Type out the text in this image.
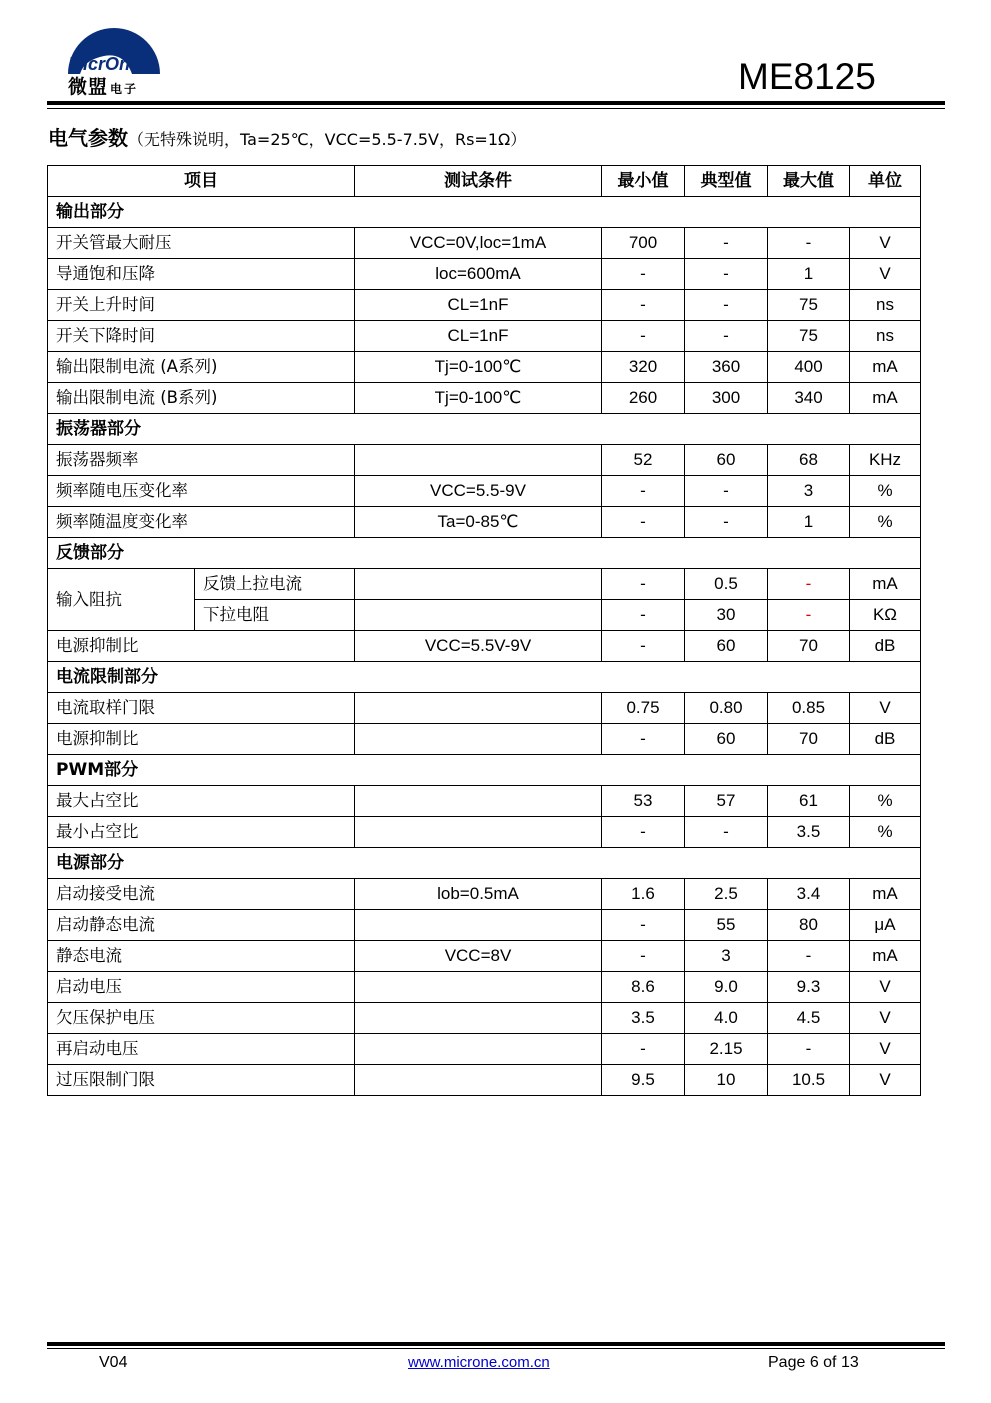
MicrOne
微盟 电子	ME8125
电气参数（无特殊说明，Ta=25℃，VCC=5.5-7.5V，Rs=1Ω）
项目		测试条件	最小值	典型值	最大值	单位
输出部分						
开关管最大耐压		VCC=0V,loc=1mA	700	-	-	V
导通饱和压降		loc=600mA	-	-	1	V
开关上升时间		CL=1nF	-	-	75	ns
开关下降时间		CL=1nF	-	-	75	ns
输出限制电流 (A系列)		Tj=0-100℃	320	360	400	mA
输出限制电流 (B系列)		Tj=0-100℃	260	300	340	mA
振荡器部分						
振荡器频率			52	60	68	KHz
频率随电压变化率		VCC=5.5-9V	-	-	3	%
频率随温度变化率		Ta=0-85℃	-	-	1	%
反馈部分						
输入阻抗	反馈上拉电流		-	0.5	-	mA
	下拉电阻		-	30	-	KΩ
电源抑制比		VCC=5.5V-9V	-	60	70	dB
电流限制部分						
电流取样门限			0.75	0.80	0.85	V
电源抑制比			-	60	70	dB
PWM部分						
最大占空比			53	57	61	%
最小占空比			-	-	3.5	%
电源部分						
启动接受电流		lob=0.5mA	1.6	2.5	3.4	mA
启动静态电流			-	55	80	μA
静态电流		VCC=8V	-	3	-	mA
启动电压			8.6	9.0	9.3	V
欠压保护电压			3.5	4.0	4.5	V
再启动电压			-	2.15	-	V
过压限制门限			9.5	10	10.5	V
V04	www.microne.com.cn	Page 6 of 13
